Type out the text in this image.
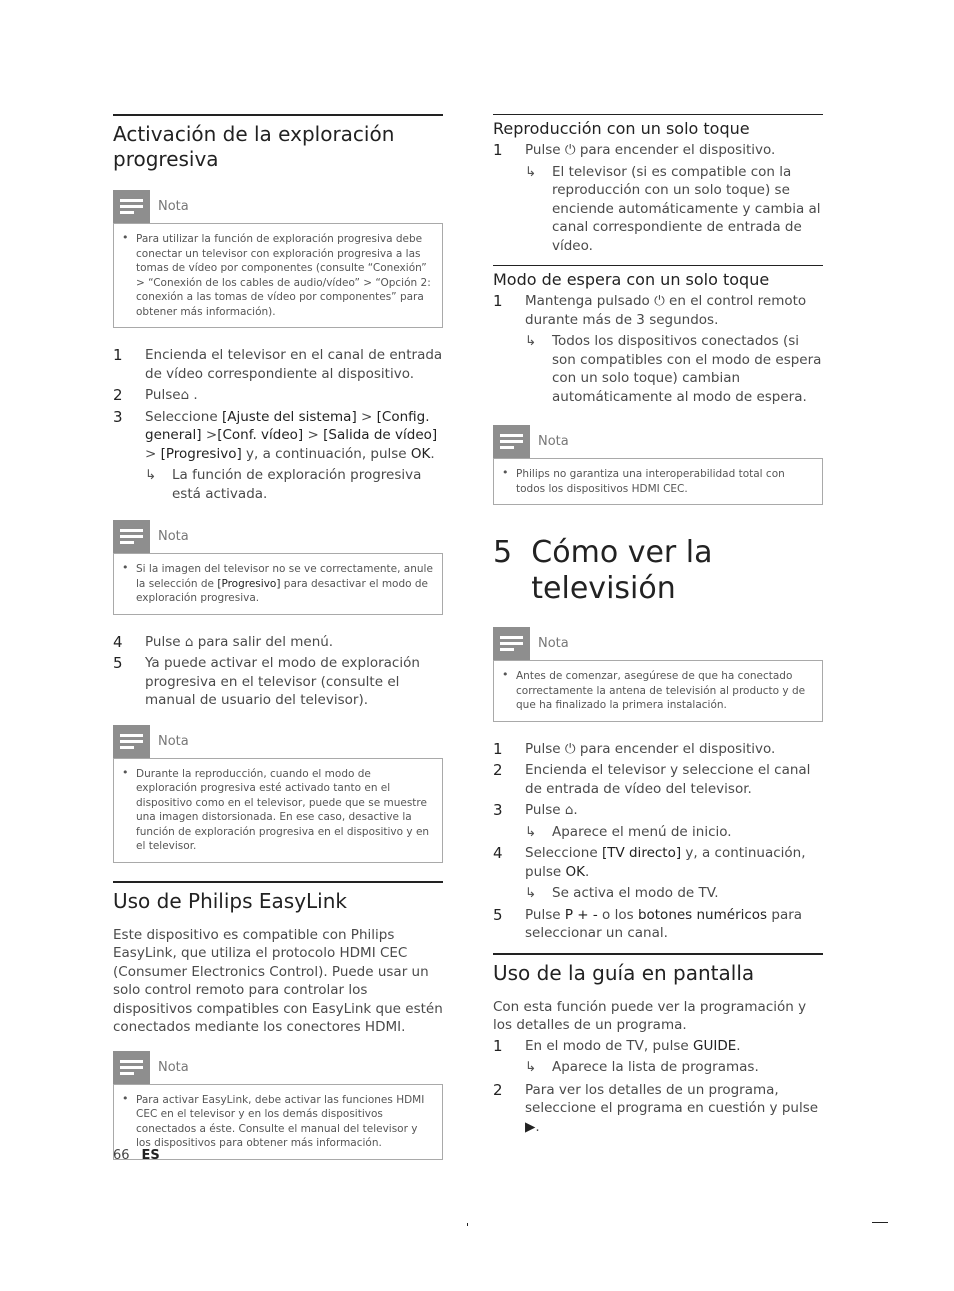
Activación de la exploración progresiva
Nota
• Para utilizar la función de exploración progresiva debe conectar un televisor con exploración progresiva a las tomas de vídeo por componentes (consulte “Conexión” > “Conexión de los cables de audio/vídeo” > “Opción 2: conexión a las tomas de vídeo por componentes” para obtener más información).
1	Encienda el televisor en el canal de entrada de vídeo correspondiente al dispositivo.
2	Pulse⌂ .
3	Seleccione [Ajuste del sistema] > [Config. general] >[Conf. vídeo] > [Salida de vídeo] > [Progresivo] y, a continuación, pulse OK.
↳	La función de exploración progresiva está activada.
Nota
• Si la imagen del televisor no se ve correctamente, anule la selección de [Progresivo] para desactivar el modo de exploración progresiva.
4	Pulse ⌂ para salir del menú.
5	Ya puede activar el modo de exploración progresiva en el televisor (consulte el manual de usuario del televisor).
Nota
• Durante la reproducción, cuando el modo de exploración progresiva esté activado tanto en el dispositivo como en el televisor, puede que se muestre una imagen distorsionada. En ese caso, desactive la función de exploración progresiva en el dispositivo y en el televisor.
Uso de Philips EasyLink

Este dispositivo es compatible con Philips EasyLink, que utiliza el protocolo HDMI CEC (Consumer Electronics Control). Puede usar un solo control remoto para controlar los dispositivos compatibles con EasyLink que estén conectados mediante los conectores HDMI.

Nota
• Para activar EasyLink, debe activar las funciones HDMI CEC en el televisor y en los demás dispositivos conectados a éste. Consulte el manual del televisor y los dispositivos para obtener más información.
Reproducción con un solo toque
1	Pulse ⏻ para encender el dispositivo.
↳	El televisor (si es compatible con la reproducción con un solo toque) se enciende automáticamente y cambia al canal correspondiente de entrada de vídeo.
Modo de espera con un solo toque
1	Mantenga pulsado ⏻ en el control remoto durante más de 3 segundos.
↳	Todos los dispositivos conectados (si son compatibles con el modo de espera con un solo toque) cambian automáticamente al modo de espera.
Nota
• Philips no garantiza una interoperabilidad total con todos los dispositivos HDMI CEC.
5 Cómo ver la televisión
Nota
• Antes de comenzar, asegúrese de que ha conectado correctamente la antena de televisión al producto y de que ha finalizado la primera instalación.
1	Pulse ⏻ para encender el dispositivo.
2	Encienda el televisor y seleccione el canal de entrada de vídeo del televisor.
3	Pulse ⌂.
↳	Aparece el menú de inicio.
4	Seleccione [TV directo] y, a continuación, pulse OK.
↳	Se activa el modo de TV.
5	Pulse P + - o los botones numéricos para seleccionar un canal.
Uso de la guía en pantalla

Con esta función puede ver la programación y los detalles de un programa.

1	En el modo de TV, pulse GUIDE.
↳	Aparece la lista de programas.
2	Para ver los detalles de un programa, seleccione el programa en cuestión y pulse ▶.
66 ES
